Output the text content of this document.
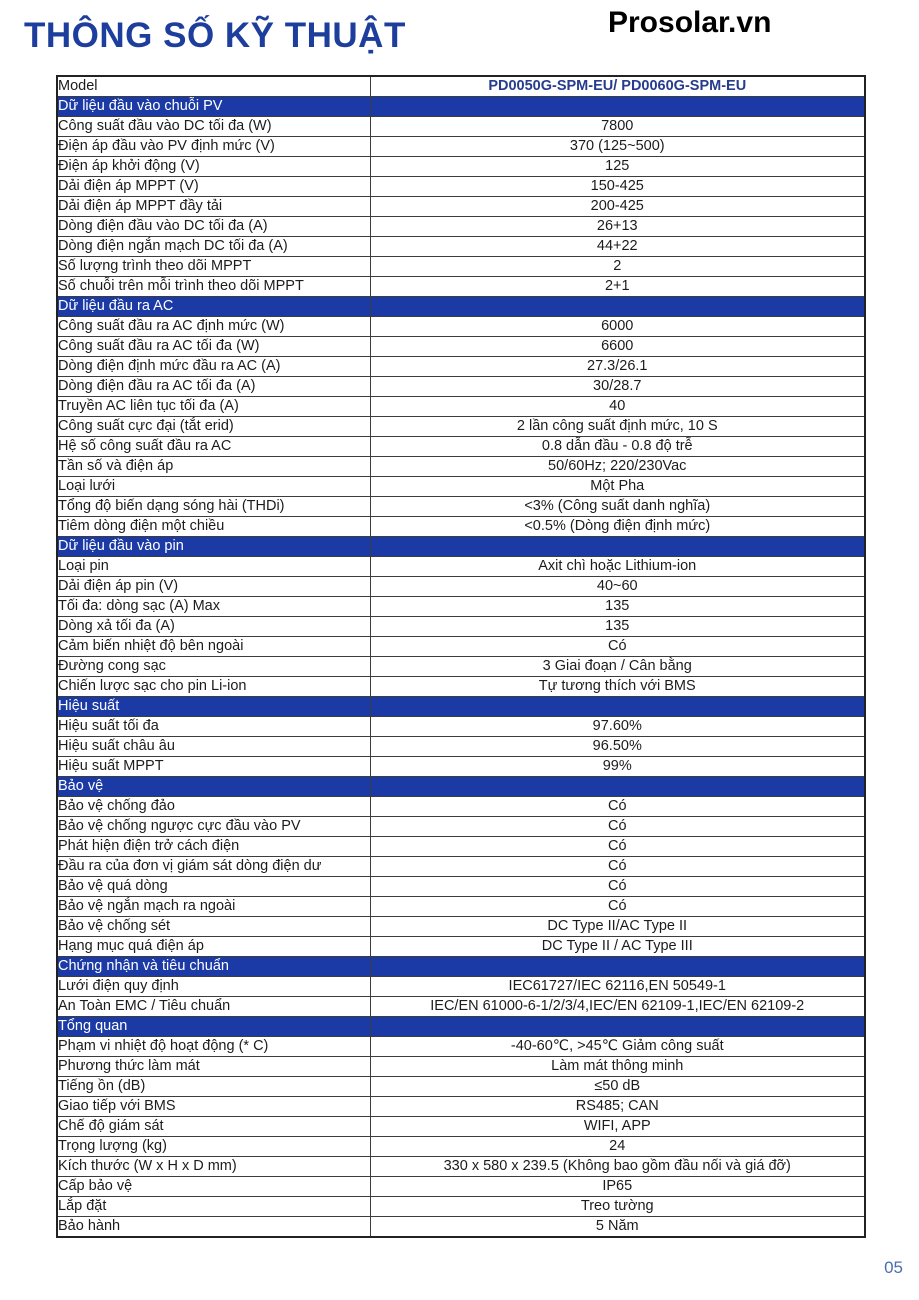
THÔNG SỐ KỸ THUẬT	Prosolar.vn
Model	PD0050G-SPM-EU/ PD0060G-SPM-EU
Dữ liệu đầu vào chuỗi PV	
Công suất đầu vào DC tối đa (W)	7800
Điện áp đầu vào PV định mức (V)	370 (125~500)
Điện áp khởi động (V)	125
Dải điện áp MPPT (V)	150-425
Dải điện áp MPPT đầy tải	200-425
Dòng điện đầu vào DC tối đa (A)	26+13
Dòng điện ngắn mạch DC tối đa (A)	44+22
Số lượng trình theo dõi MPPT	2
Số chuỗi trên mỗi trình theo dõi MPPT	2+1
Dữ liệu đầu ra AC	
Công suất đầu ra AC định mức (W)	6000
Công suất đầu ra AC tối đa (W)	6600
Dòng điện định mức đầu ra AC (A)	27.3/26.1
Dòng điện đầu ra AC tối đa (A)	30/28.7
Truyền AC liên tục tối đa (A)	40
Công suất cực đại (tắt erid)	2 lần công suất định mức, 10 S
Hệ số công suất đầu ra AC	0.8 dẫn đầu - 0.8 độ trễ
Tần số và điện áp	50/60Hz; 220/230Vac
Loại lưới	Một Pha
Tổng độ biến dạng sóng hài (THDi)	<3% (Công suất danh nghĩa)
Tiêm dòng điện một chiều	<0.5% (Dòng điện định mức)
Dữ liệu đầu vào pin	
Loại pin	Axit chì hoặc Lithium-ion
Dải điện áp pin (V)	40~60
Tối đa: dòng sạc (A) Max	135
Dòng xả tối đa (A)	135
Cảm biến nhiệt độ bên ngoài	Có
Đường cong sạc	3 Giai đoạn / Cân bằng
Chiến lược sạc cho pin Li-ion	Tự tương thích với BMS
Hiệu suất	
Hiệu suất tối đa	97.60%
Hiệu suất châu âu	96.50%
Hiệu suất MPPT	99%
Bảo vệ	
Bảo vệ chống đảo	Có
Bảo vệ chống ngược cực đầu vào PV	Có
Phát hiện điện trở cách điện	Có
Đầu ra của đơn vị giám sát dòng điện dư	Có
Bảo vệ quá dòng	Có
Bảo vệ ngắn mạch ra ngoài	Có
Bảo vệ chống sét	DC Type II/AC Type II
Hạng mục quá điện áp	DC Type II / AC Type III
Chứng nhận và tiêu chuẩn	
Lưới điện quy định	IEC61727/IEC 62116,EN 50549-1
An Toàn EMC / Tiêu chuẩn	IEC/EN 61000-6-1/2/3/4,IEC/EN 62109-1,IEC/EN 62109-2
Tổng quan	
Phạm vi nhiệt độ hoạt động (* C)	-40-60℃, >45℃ Giảm công suất
Phương thức làm mát	Làm mát thông minh
Tiếng ồn (dB)	≤50 dB
Giao tiếp với BMS	RS485; CAN
Chế độ giám sát	WIFI, APP
Trọng lượng (kg)	24
Kích thước (W x H x D mm)	330 x 580 x 239.5 (Không bao gồm đầu nối và giá đỡ)
Cấp bảo vệ	IP65
Lắp đặt	Treo tường
Bảo hành	5 Năm
05
